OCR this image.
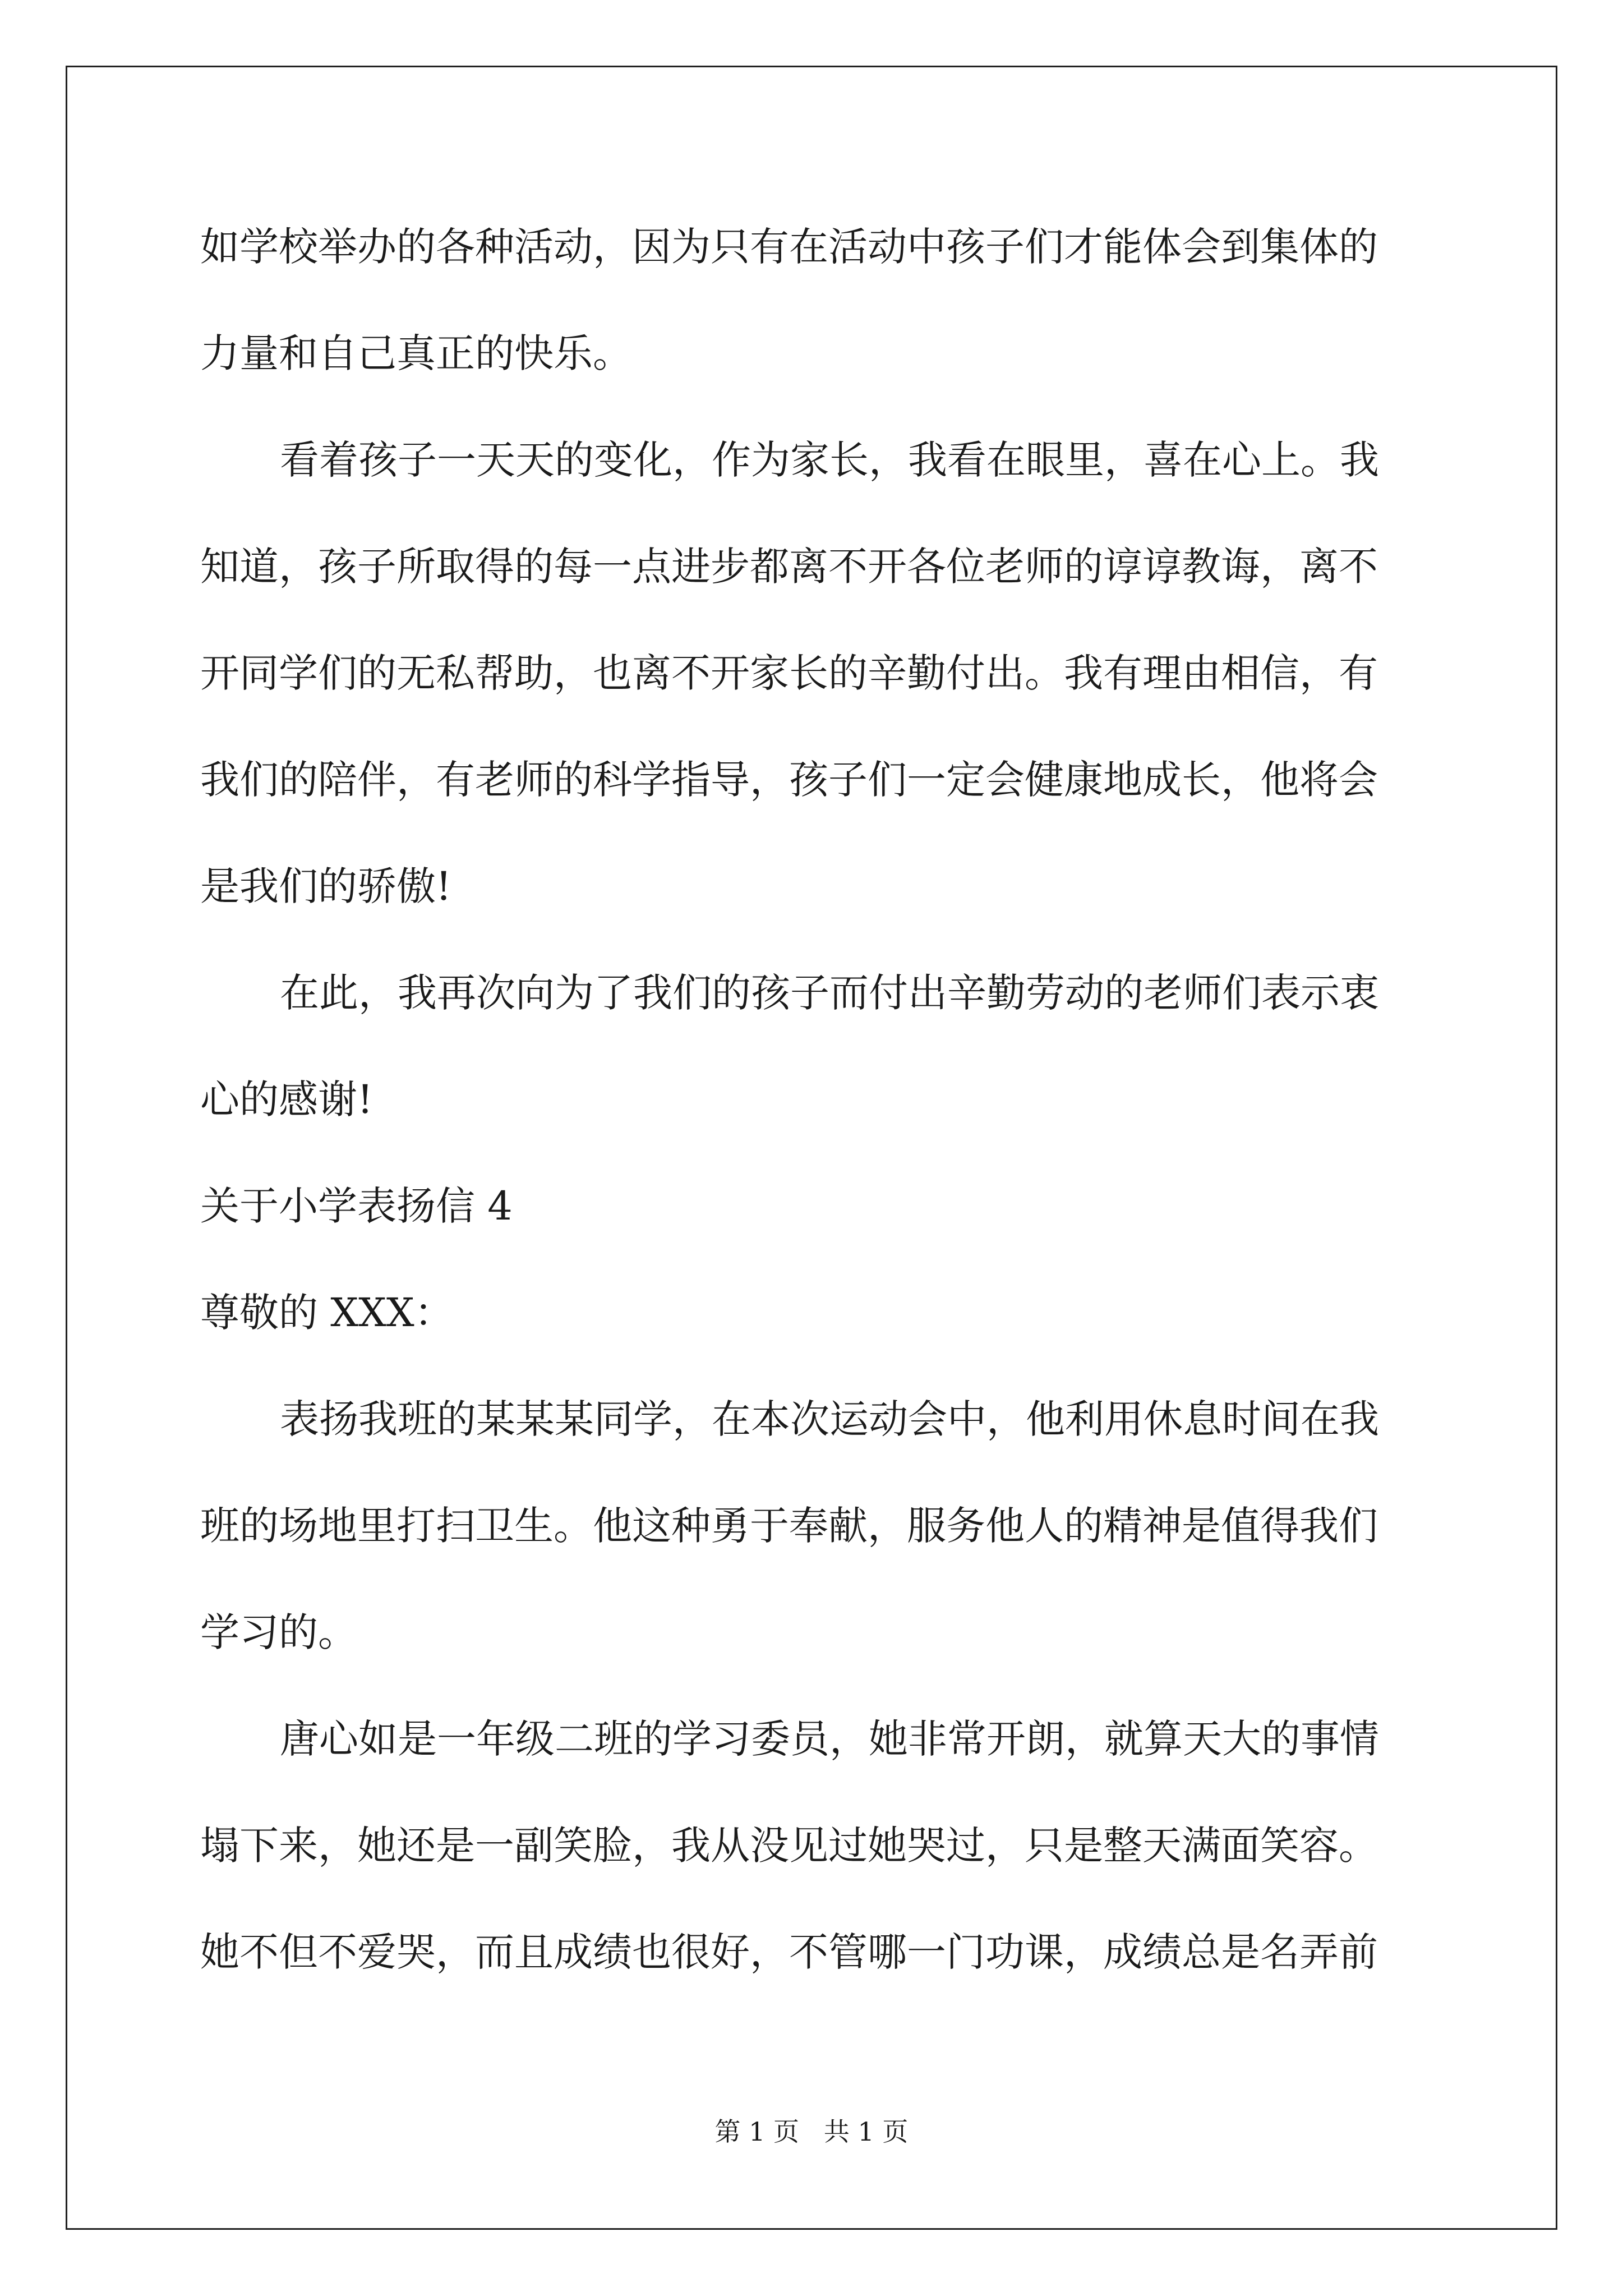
如学校举办的各种活动，因为只有在活动中孩子们才能体会到集体的
力量和自己真正的快乐。
看着孩子一天天的变化，作为家长，我看在眼里，喜在心上。我
知道，孩子所取得的每一点进步都离不开各位老师的谆谆教诲，离不
开同学们的无私帮助，也离不开家长的辛勤付出。我有理由相信，有
我们的陪伴，有老师的科学指导，孩子们一定会健康地成长，他将会
是我们的骄傲!
在此，我再次向为了我们的孩子而付出辛勤劳动的老师们表示衷
心的感谢!
关于小学表扬信 4
尊敬的 XXX：
表扬我班的某某某同学，在本次运动会中，他利用休息时间在我
班的场地里打扫卫生。他这种勇于奉献，服务他人的精神是值得我们
学习的。
唐心如是一年级二班的学习委员，她非常开朗，就算天大的事情
塌下来，她还是一副笑脸，我从没见过她哭过，只是整天满面笑容。
她不但不爱哭，而且成绩也很好，不管哪一门功课，成绩总是名弄前
第 1 页   共 1 页
